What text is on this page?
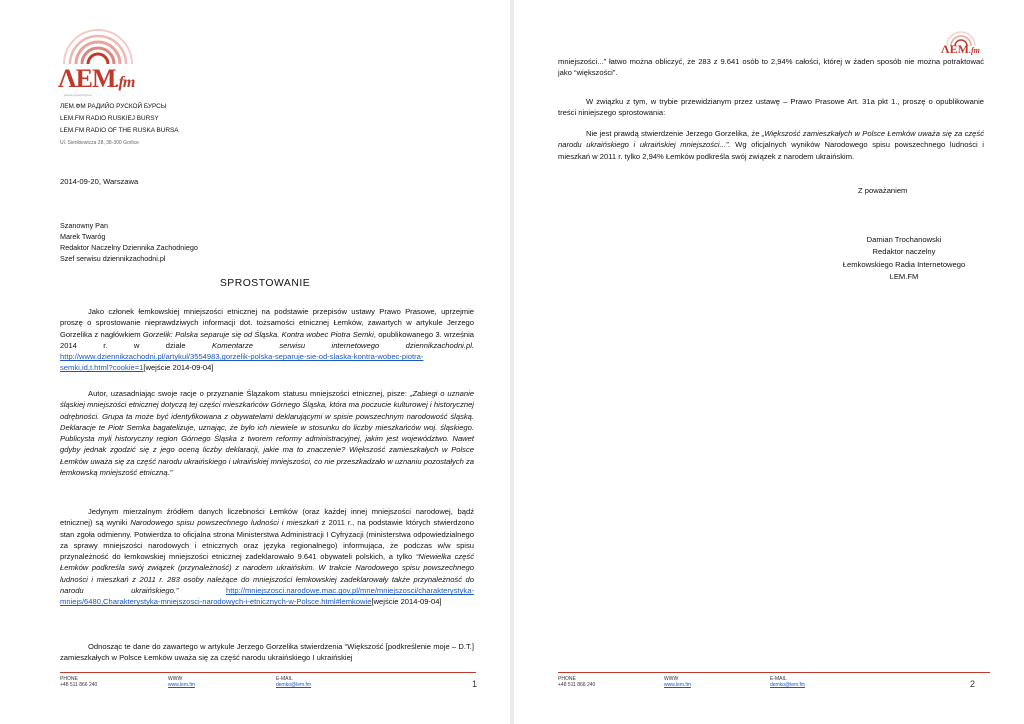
ΛEM.fm
радио руской бурсы
ЛЕМ.ФМ РАДИЙО РУСКОЙ БУРСЫ
LEM.FM RADIO RUSKIEJ BURSY
LEM.FM RADIO OF THE RUSKA BURSA
Ul. Sienkiewicza 28, 38-300 Gorlice
2014-09-20, Warszawa
Szanowny Pan
Marek Twaróg
Redaktor Naczelny Dziennika Zachodniego
Szef serwisu dziennikzachodni.pl
SPROSTOWANIE
Jako członek łemkowskiej mniejszości etnicznej na podstawie przepisów ustawy Prawo Prasowe, uprzejmie proszę o sprostowanie nieprawdziwych informacji dot. tożsamości etnicznej Łemków, zawartych w artykule Jerzego Gorzelika z nagłówkiem Gorzelik: Polska separuje się od Śląska. Kontra wobec Piotra Semki, opublikowanego 3. września 2014 r. w dziale Komentarze serwisu internetowego dziennikzachodni.pl. http://www.dziennikzachodni.pl/artykul/3554983,gorzelik-polska-separuje-sie-od-slaska-kontra-wobec-piotra-semki,id,t.html?cookie=1[wejście 2014-09-04]
Autor, uzasadniając swoje racje o przyznanie Ślązakom statusu mniejszości etnicznej, pisze: „Zabiegi o uznanie śląskiej mniejszości etnicznej dotyczą tej części mieszkańców Górnego Śląska, która ma poczucie kulturowej i historycznej odrębności. Grupa ta może być identyfikowana z obywatelami deklarującymi w spisie powszechnym narodowość śląską. Deklaracje te Piotr Semka bagatelizuje, uznając, że było ich niewiele w stosunku do liczby mieszkańców woj. śląskiego. Publicysta myli historyczny region Górnego Śląska z tworem reformy administracyjnej, jakim jest województwo. Nawet gdyby jednak zgodzić się z jego oceną liczby deklaracji, jakie ma to znaczenie? Większość zamieszkałych w Polsce Łemków uważa się za część narodu ukraińskiego i ukraińskiej mniejszości, co nie przeszkadzało w uznaniu pozostałych za łemkowską mniejszość etniczną.”
Jedynym mierzalnym źródłem danych liczebności Łemków (oraz każdej innej mniejszości narodowej, bądź etnicznej) są wyniki Narodowego spisu powszechnego ludności i mieszkań z 2011 r., na podstawie których stwierdzono stan zgoła odmienny. Potwierdza to oficjalna strona Ministerstwa Administracji I Cyfryzacji (ministerstwa odpowiedzialnego za sprawy mniejszości narodowych i etnicznych oraz języka regionalnego) informująca, że podczas w/w spisu przynależność do łemkowskiej mniejszości etnicznej zadeklarowało 9.641 obywateli polskich, a tylko “Niewielka część Łemków podkreśla swój związek (przynależność) z narodem ukraińskim. W trakcie Narodowego spisu powszechnego ludności i mieszkań z 2011 r. 283 osoby należące do mniejszości łemkowskiej zadeklarowały także przynależność do narodu ukraińskiego.”	http://mniejszosci.narodowe.mac.gov.pl/mne/mniejszosci/charakterystyka-mniejs/6480,Charakterystyka-mniejszosci-narodowych-i-etnicznych-w-Polsce.html#lemkowie[wejście 2014-09-04]
Odnosząc te dane do zawartego w artykule Jerzego Gorzelika stwierdzenia “Większość [podkreślenie moje – D.T.] zamieszkałych w Polsce Łemków uważa się za część narodu ukraińskiego I ukraińskiej
PHONE
+48 511 866 240
WWW
www.lem.fm
E-MAIL
demko@lem.fm	1
ΛEM.fm
mniejszości...” łatwo można obliczyć, że 283 z 9.641 osób to 2,94% całości, której w żaden sposób nie można potraktować jako “większości”.
W związku z tym, w trybie przewidzianym przez ustawę – Prawo Prasowe Art. 31a pkt 1., proszę o opublikowanie treści niniejszego sprostowania:
Nie jest prawdą stwierdzenie Jerzego Gorzelika, że „Większość zamieszkałych w Polsce Łemków uważa się za część narodu ukraińskiego i ukraińskiej mniejszości...”. Wg oficjalnych wyników Narodowego spisu powszechnego ludności i mieszkań w 2011 r. tylko 2,94% Łemków podkreśla swój związek z narodem ukraińskim.
Z poważaniem
Damian Trochanowski
Redaktor naczelny
Łemkowskiego Radia Internetowego
LEM.FM
PHONE
+48 511 866 240
WWW
www.lem.fm
E-MAIL
demko@lem.fm	2
